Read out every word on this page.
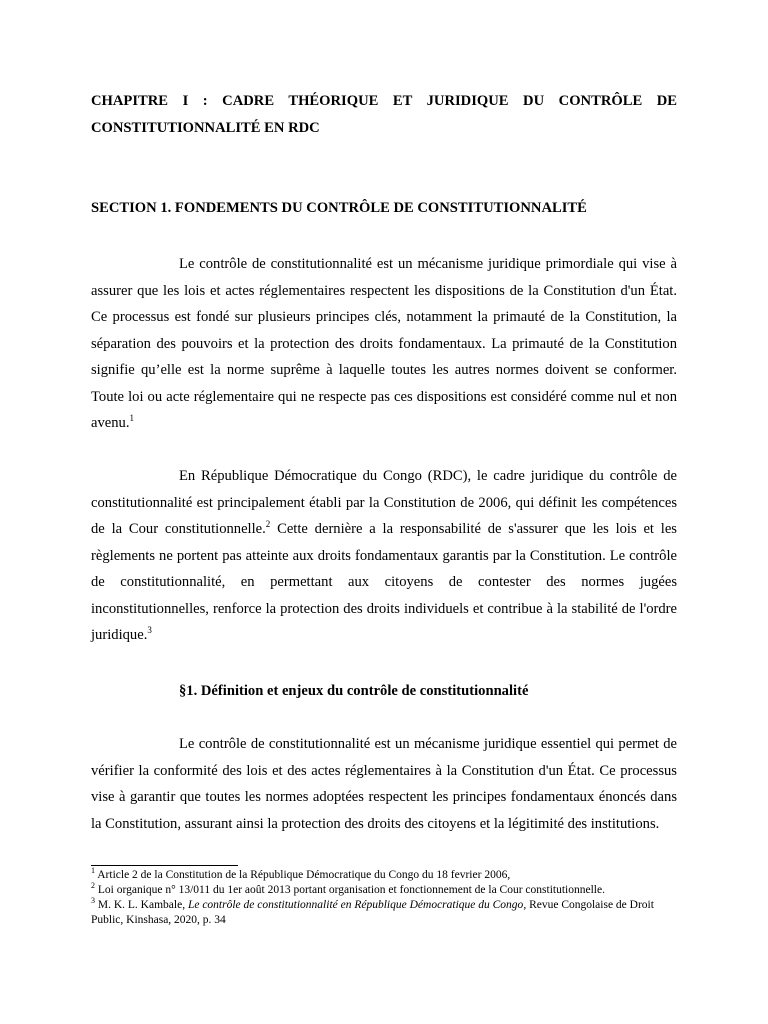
CHAPITRE I : CADRE THÉORIQUE ET JURIDIQUE DU CONTRÔLE DE CONSTITUTIONNALITÉ EN RDC

SECTION 1. FONDEMENTS DU CONTRÔLE DE CONSTITUTIONNALITÉ

Le contrôle de constitutionnalité est un mécanisme juridique primordiale qui vise à assurer que les lois et actes réglementaires respectent les dispositions de la Constitution d'un État. Ce processus est fondé sur plusieurs principes clés, notamment la primauté de la Constitution, la séparation des pouvoirs et la protection des droits fondamentaux. La primauté de la Constitution signifie qu’elle est la norme suprême à laquelle toutes les autres normes doivent se conformer. Toute loi ou acte réglementaire qui ne respecte pas ces dispositions est considéré comme nul et non avenu.$^1$

En République Démocratique du Congo (RDC), le cadre juridique du contrôle de constitutionnalité est principalement établi par la Constitution de 2006, qui définit les compétences de la Cour constitutionnelle.$^2$ Cette dernière a la responsabilité de s'assurer que les lois et les règlements ne portent pas atteinte aux droits fondamentaux garantis par la Constitution. Le contrôle de constitutionnalité, en permettant aux citoyens de contester des normes jugées inconstitutionnelles, renforce la protection des droits individuels et contribue à la stabilité de l'ordre juridique.$^3$

§1. Définition et enjeux du contrôle de constitutionnalité

Le contrôle de constitutionnalité est un mécanisme juridique essentiel qui permet de vérifier la conformité des lois et des actes réglementaires à la Constitution d'un État. Ce processus vise à garantir que toutes les normes adoptées respectent les principes fondamentaux énoncés dans la Constitution, assurant ainsi la protection des droits des citoyens et la légitimité des institutions.

$^1$ Article 2 de la Constitution de la République Démocratique du Congo du 18 fevrier 2006,

$^2$ Loi organique n° 13/011 du 1er août 2013 portant organisation et fonctionnement de la Cour constitutionnelle.

$^3$ M. K. L. Kambale, Le contrôle de constitutionnalité en République Démocratique du Congo, Revue Congolaise de Droit Public, Kinshasa, 2020, p. 34
